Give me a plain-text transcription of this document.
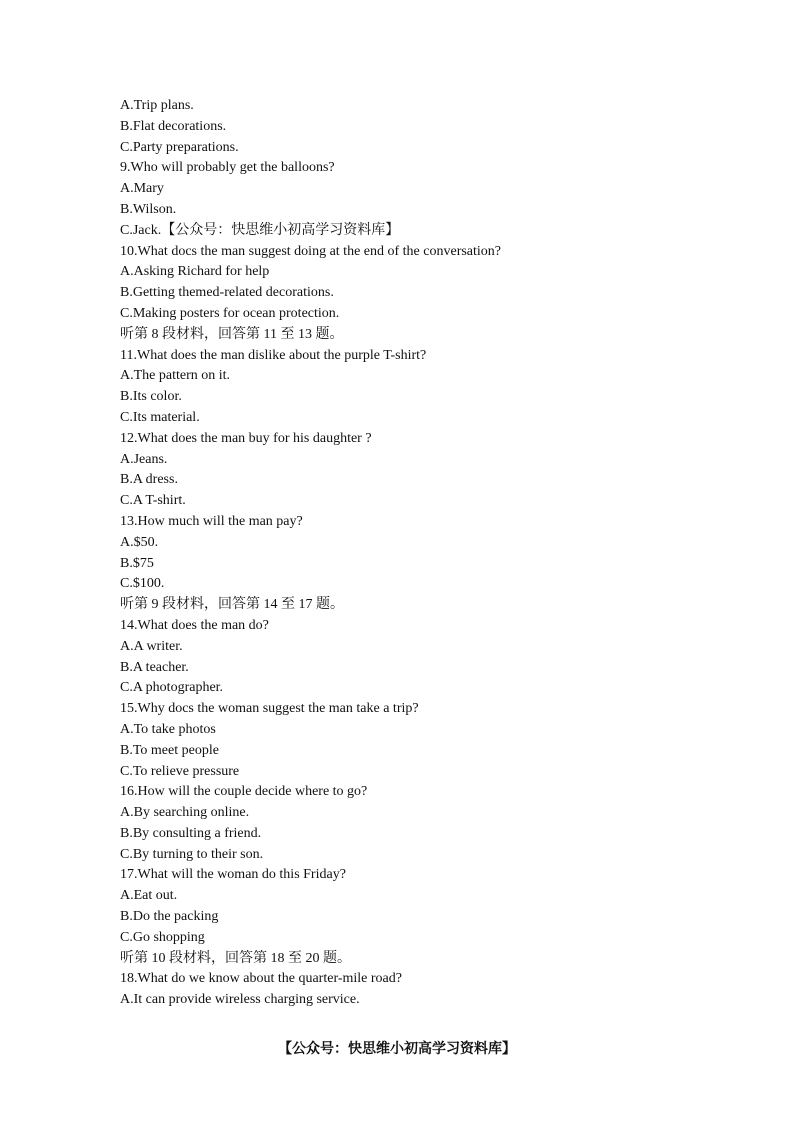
A.Trip plans.
B.Flat decorations.
C.Party preparations.
9.Who will probably get the balloons?
A.Mary
B.Wilson.
C.Jack.【公众号：快思维小初高学习资料库】
10.What docs the man suggest doing at the end of the conversation?
A.Asking Richard for help
B.Getting themed-related decorations.
C.Making posters for ocean protection.
听第 8 段材料，回答第 11 至 13 题。
11.What does the man dislike about the purple T-shirt?
A.The pattern on it.
B.Its color.
C.Its material.
12.What does the man buy for his daughter ?
A.Jeans.
B.A dress.
C.A T-shirt.
13.How much will the man pay?
A.$50.
B.$75
C.$100.
听第 9 段材料，回答第 14 至 17 题。
14.What does the man do?
A.A writer.
B.A teacher.
C.A photographer.
15.Why docs the woman suggest the man take a trip?
A.To take photos
B.To meet people
C.To relieve pressure
16.How will the couple decide where to go?
A.By searching online.
B.By consulting a friend.
C.By turning to their son.
17.What will the woman do this Friday?
A.Eat out.
B.Do the packing
C.Go shopping
听第 10 段材料，回答第 18 至 20 题。
18.What do we know about the quarter-mile road?
A.It can provide wireless charging service.
【公众号：快思维小初高学习资料库】
